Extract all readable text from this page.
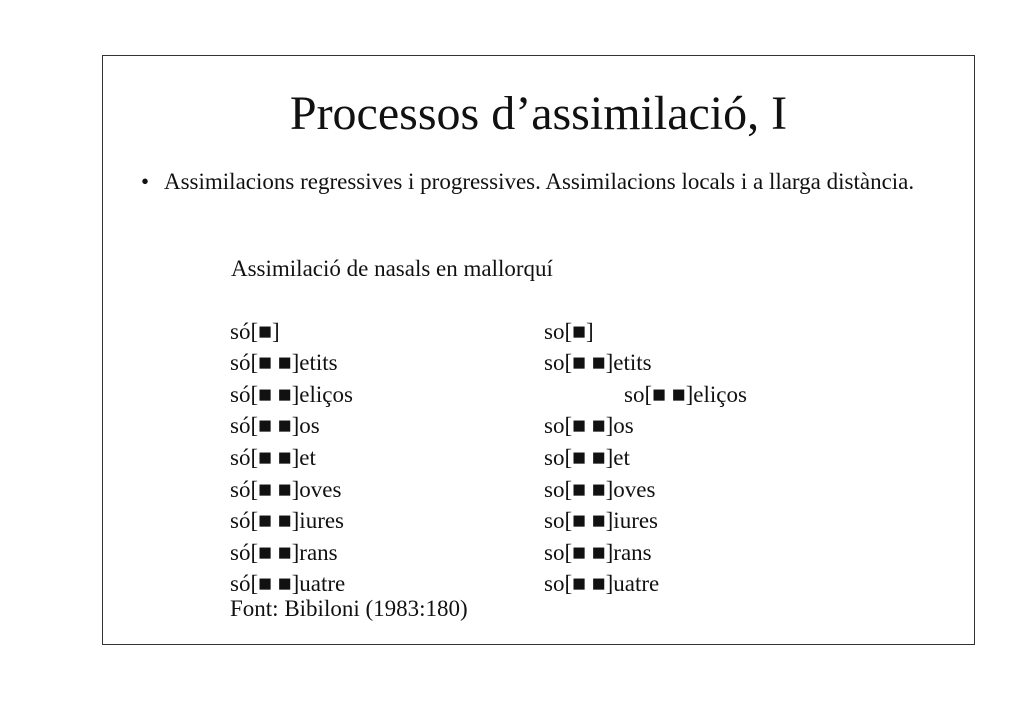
Processos d’assimilació, I
• Assimilacions regressives i progressives. Assimilacions locals i a llarga distància.
Assimilació de nasals en mallorquí
só[■]	so[■]
só[■ ■]etits	so[■ ■]etits
só[■ ■]eliços	so[■ ■]eliços
só[■ ■]os	so[■ ■]os
só[■ ■]et	so[■ ■]et
só[■ ■]oves	so[■ ■]oves
só[■ ■]iures	so[■ ■]iures
só[■ ■]rans	so[■ ■]rans
só[■ ■]uatre	so[■ ■]uatre
Font: Bibiloni (1983:180)
